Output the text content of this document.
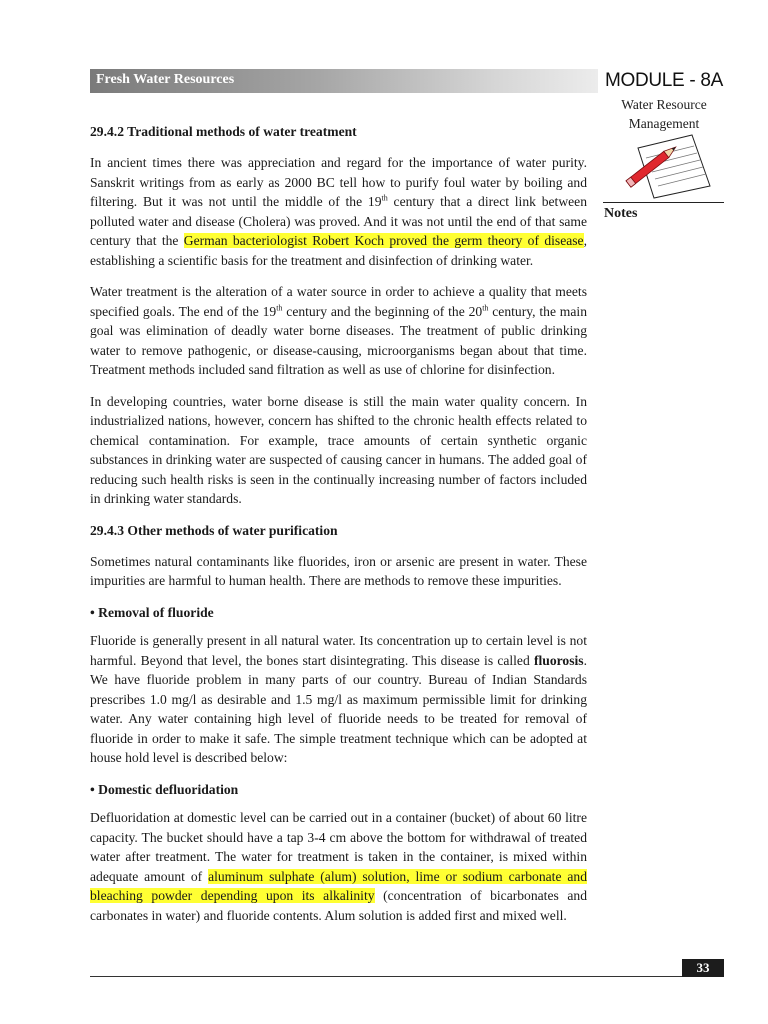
Fresh Water Resources	MODULE - 8A
Water Resource
Management
Notes
29.4.2 Traditional methods of water treatment

In ancient times there was appreciation and regard for the importance of water purity. Sanskrit writings from as early as 2000 BC tell how to purify foul water by boiling and filtering. But it was not until the middle of the 19th century that a direct link between polluted water and disease (Cholera) was proved. And it was not until the end of that same century that the German bacteriologist Robert Koch proved the germ theory of disease, establishing a scientific basis for the treatment and disinfection of drinking water.

Water treatment is the alteration of a water source in order to achieve a quality that meets specified goals. The end of the 19th century and the beginning of the 20th century, the main goal was elimination of deadly water borne diseases. The treatment of public drinking water to remove pathogenic, or disease-causing, microorganisms began about that time. Treatment methods included sand filtration as well as use of chlorine for disinfection.

In developing countries, water borne disease is still the main water quality concern. In industrialized nations, however, concern has shifted to the chronic health effects related to chemical contamination. For example, trace amounts of certain synthetic organic substances in drinking water are suspected of causing cancer in humans. The added goal of reducing such health risks is seen in the continually increasing number of factors included in drinking water standards.

29.4.3 Other methods of water purification

Sometimes natural contaminants like fluorides, iron or arsenic are present in water. These impurities are harmful to human health. There are methods to remove these impurities.

• Removal of fluoride

Fluoride is generally present in all natural water. Its concentration up to certain level is not harmful. Beyond that level, the bones start disintegrating. This disease is called fluorosis. We have fluoride problem in many parts of our country. Bureau of Indian Standards prescribes 1.0 mg/l as desirable and 1.5 mg/l as maximum permissible limit for drinking water. Any water containing high level of fluoride needs to be treated for removal of fluoride in order to make it safe. The simple treatment technique which can be adopted at house hold level is described below:

• Domestic defluoridation

Defluoridation at domestic level can be carried out in a container (bucket) of about 60 litre capacity. The bucket should have a tap 3-4 cm above the bottom for withdrawal of treated water after treatment. The water for treatment is taken in the container, is mixed within adequate amount of aluminum sulphate (alum) solution, lime or sodium carbonate and bleaching powder depending upon its alkalinity (concentration of bicarbonates and carbonates in water) and fluoride contents. Alum solution is added first and mixed well.

33
